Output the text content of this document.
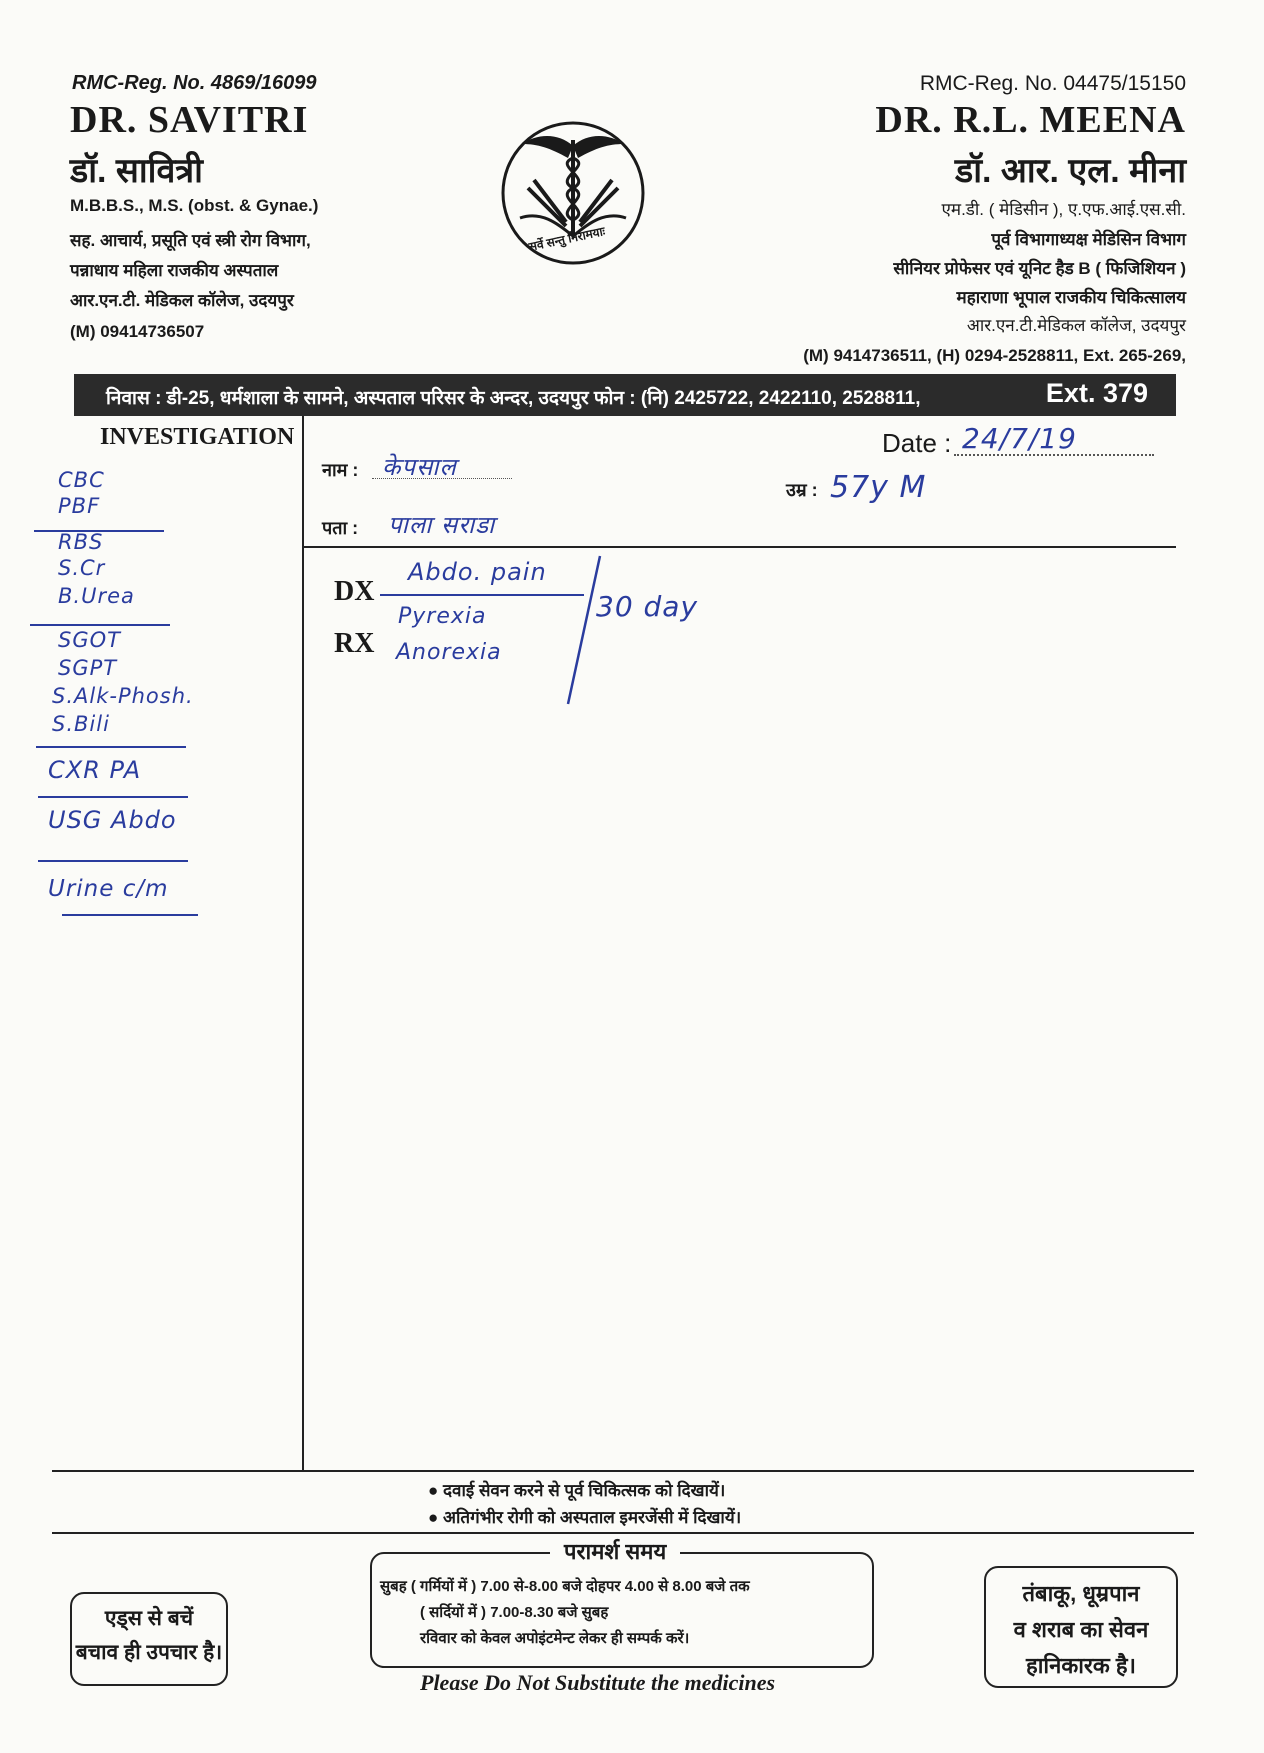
RMC-Reg. No. 4869/16099
DR. SAVITRI
डॉ. सावित्री
M.B.B.S., M.S. (obst. & Gynae.)
सह. आचार्य, प्रसूति एवं स्त्री रोग विभाग,
पन्नाधाय महिला राजकीय अस्पताल
आर.एन.टी. मेडिकल कॉलेज, उदयपुर
(M) 09414736507
सर्वे सन्तु निरामयाः
RMC-Reg. No. 04475/15150
DR. R.L. MEENA
डॉ. आर. एल. मीना
एम.डी. ( मेडिसीन ), ए.एफ.आई.एस.सी.
पूर्व विभागाध्यक्ष मेडिसिन विभाग
सीनियर प्रोफेसर एवं यूनिट हैड B ( फिजिशियन )
महाराणा भूपाल राजकीय चिकित्सालय
आर.एन.टी.मेडिकल कॉलेज, उदयपुर
(M) 9414736511, (H) 0294-2528811, Ext. 265-269,
निवास : डी-25, धर्मशाला के सामने, अस्पताल परिसर के अन्दर, उदयपुर फोन : (नि) 2425722, 2422110, 2528811,	Ext. 379
INVESTIGATION
CBC
PBF
RBS
S.Cr
B.Urea
SGOT
SGPT
S.Alk-Phosh.
S.Bili
CXR PA
USG Abdo
Urine c/m
नाम : केपसाल
पता : पाला सराडा
उम्र : 57y M
Date : 24/7/19
DX
RX
Abdo. pain
Pyrexia
Anorexia
30 day
● दवाई सेवन करने से पूर्व चिकित्सक को दिखायें।
● अतिगंभीर रोगी को अस्पताल इमरजेंसी में दिखायें।
एड्स से बचें
बचाव ही उपचार है।
परामर्श समय
सुबह ( गर्मियों में ) 7.00 से-8.00 बजे दोहपर 4.00 से 8.00 बजे तक
( सर्दियों में ) 7.00-8.30 बजे सुबह
रविवार को केवल अपोइंटमेन्ट लेकर ही सम्पर्क करें।
तंबाकू, धूम्रपान
व शराब का सेवन
हानिकारक है।
Please Do Not Substitute the medicines
